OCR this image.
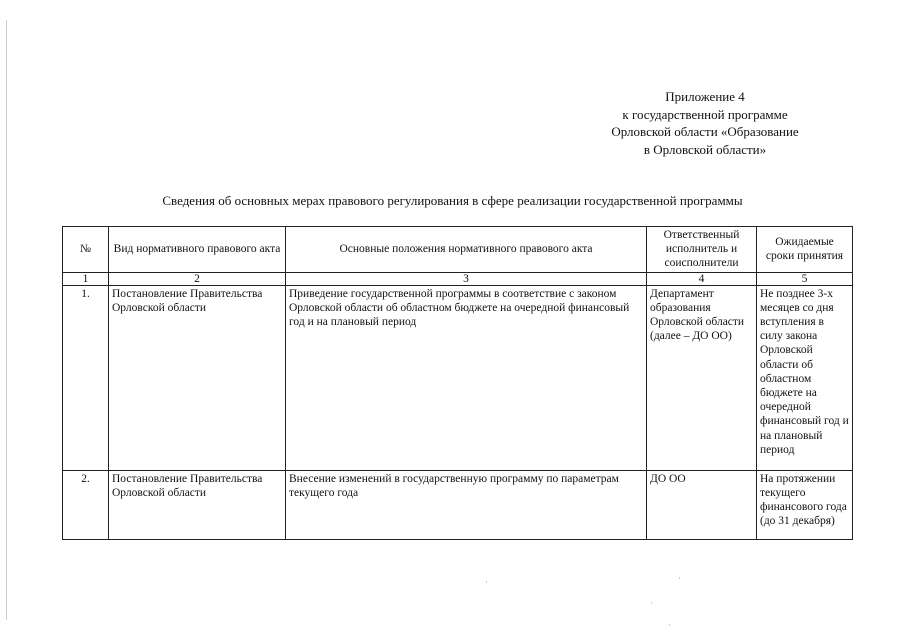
Приложение 4
к государственной программе
Орловской области «Образование
в Орловской области»
Сведения об основных мерах правового регулирования в сфере реализации государственной программы
№	Вид нормативного правового акта	Основные положения нормативного правового акта	Ответственный исполнитель и соисполнители	Ожидаемые сроки принятия
1	2	3	4	5
1.	Постановление Правительства Орловской области	Приведение государственной программы в соответствие с законом Орловской области об областном бюджете на очередной финансовый год и на плановый период	Департамент образования Орловской области (далее – ДО ОО)	Не позднее 3-х месяцев со дня вступления в силу закона Орловской области об областном бюджете на очередной финансовый год и на плановый период
2.	Постановление Правительства Орловской области	Внесение изменений в государственную программу по параметрам текущего года	ДО ОО	На протяжении текущего финансового года (до 31 декабря)
·	·
·
·
